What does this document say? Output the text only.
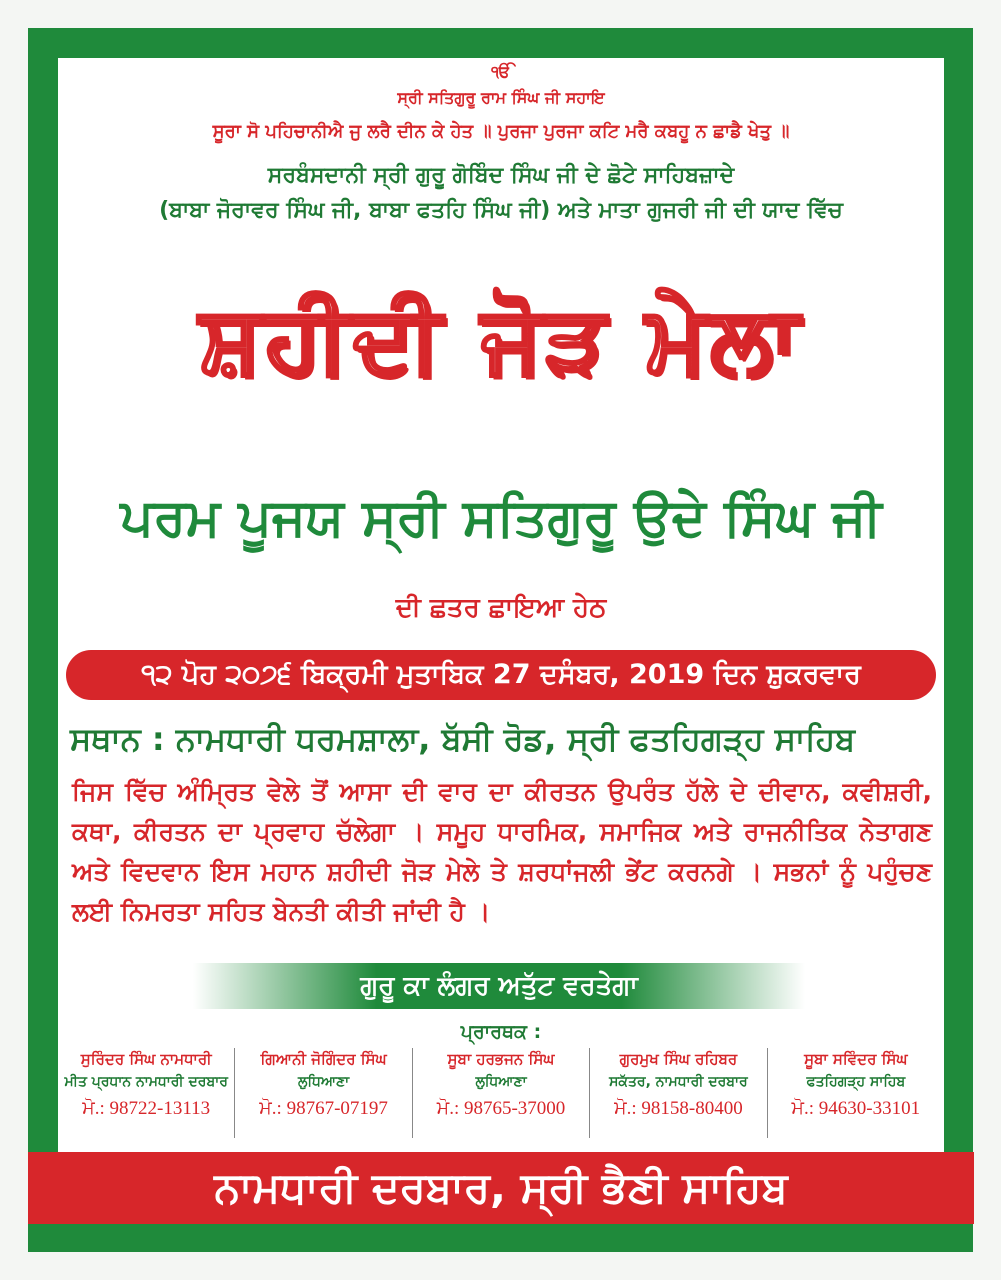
ੴ
ਸ੍ਰੀ ਸਤਿਗੁਰੂ ਰਾਮ ਸਿੰਘ ਜੀ ਸਹਾਇ
ਸੂਰਾ ਸੋ ਪਹਿਚਾਨੀਐ ਜੁ ਲਰੈ ਦੀਨ ਕੇ ਹੇਤ ॥ ਪੁਰਜਾ ਪੁਰਜਾ ਕਟਿ ਮਰੈ ਕਬਹੂ ਨ ਛਾਡੈ ਖੇਤੁ ॥
ਸਰਬੰਸਦਾਨੀ ਸ੍ਰੀ ਗੁਰੂ ਗੋਬਿੰਦ ਸਿੰਘ ਜੀ ਦੇ ਛੋਟੇ ਸਾਹਿਬਜ਼ਾਦੇ
(ਬਾਬਾ ਜੋਰਾਵਰ ਸਿੰਘ ਜੀ, ਬਾਬਾ ਫਤਹਿ ਸਿੰਘ ਜੀ) ਅਤੇ ਮਾਤਾ ਗੁਜਰੀ ਜੀ ਦੀ ਯਾਦ ਵਿੱਚ
ਸ਼ਹੀਦੀ ਜੋੜ ਮੇਲਾ
ਪਰਮ ਪੂਜਯ ਸ੍ਰੀ ਸਤਿਗੁਰੂ ਉਦੇ ਸਿੰਘ ਜੀ
ਦੀ ਛਤਰ ਛਾਇਆ ਹੇਠ
੧੨ ਪੋਹ ੨੦੭੬ ਬਿਕ੍ਰਮੀ ਮੁਤਾਬਿਕ 27 ਦਸੰਬਰ, 2019 ਦਿਨ ਸ਼ੁਕਰਵਾਰ
ਸਥਾਨ : ਨਾਮਧਾਰੀ ਧਰਮਸ਼ਾਲਾ, ਬੱਸੀ ਰੋਡ, ਸ੍ਰੀ ਫਤਹਿਗੜ੍ਹ ਸਾਹਿਬ
ਜਿਸ ਵਿੱਚ ਅੰਮ੍ਰਿਤ ਵੇਲੇ ਤੋਂ ਆਸਾ ਦੀ ਵਾਰ ਦਾ ਕੀਰਤਨ ਉਪਰੰਤ ਹੱਲੇ ਦੇ ਦੀਵਾਨ, ਕਵੀਸ਼ਰੀ, ਕਥਾ, ਕੀਰਤਨ ਦਾ ਪ੍ਰਵਾਹ ਚੱਲੇਗਾ । ਸਮੂਹ ਧਾਰਮਿਕ, ਸਮਾਜਿਕ ਅਤੇ ਰਾਜਨੀਤਿਕ ਨੇਤਾਗਣ ਅਤੇ ਵਿਦਵਾਨ ਇਸ ਮਹਾਨ ਸ਼ਹੀਦੀ ਜੋੜ ਮੇਲੇ ਤੇ ਸ਼ਰਧਾਂਜਲੀ ਭੇਂਟ ਕਰਨਗੇ । ਸਭਨਾਂ ਨੂੰ ਪਹੁੰਚਣ ਲਈ ਨਿਮਰਤਾ ਸਹਿਤ ਬੇਨਤੀ ਕੀਤੀ ਜਾਂਦੀ ਹੈ ।
ਗੁਰੂ ਕਾ ਲੰਗਰ ਅਤੁੱਟ ਵਰਤੇਗਾ
ਪ੍ਰਾਰਥਕ :
ਸੁਰਿੰਦਰ ਸਿੰਘ ਨਾਮਧਾਰੀ
ਮੀਤ ਪ੍ਰਧਾਨ ਨਾਮਧਾਰੀ ਦਰਬਾਰ
ਮੋ.: 98722-13113
ਗਿਆਨੀ ਜੋਗਿੰਦਰ ਸਿੰਘ
ਲੁਧਿਆਣਾ
ਮੋ.: 98767-07197
ਸੂਬਾ ਹਰਭਜਨ ਸਿੰਘ
ਲੁਧਿਆਣਾ
ਮੋ.: 98765-37000
ਗੁਰਮੁਖ ਸਿੰਘ ਰਹਿਬਰ
ਸਕੱਤਰ, ਨਾਮਧਾਰੀ ਦਰਬਾਰ
ਮੋ.: 98158-80400
ਸੂਬਾ ਸਵਿੰਦਰ ਸਿੰਘ
ਫਤਹਿਗੜ੍ਹ ਸਾਹਿਬ
ਮੋ.: 94630-33101
ਨਾਮਧਾਰੀ ਦਰਬਾਰ, ਸ੍ਰੀ ਭੈਣੀ ਸਾਹਿਬ
